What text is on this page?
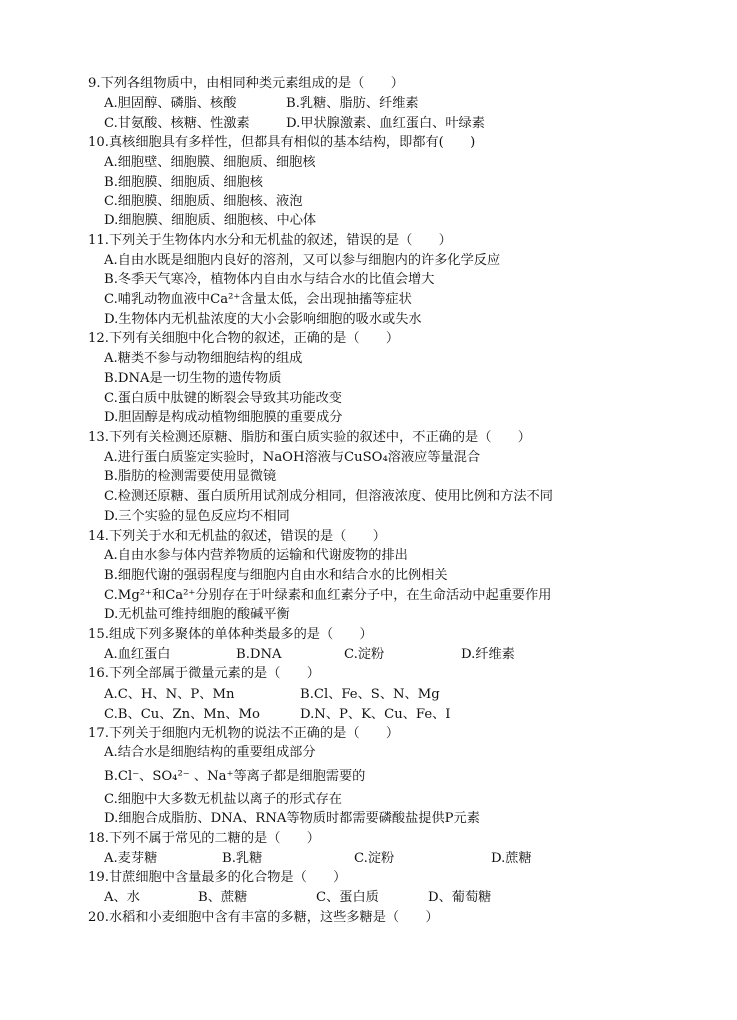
9.下列各组物质中，由相同种类元素组成的是（　　）
A.胆固醇、磷脂、核酸	B.乳糖、脂肪、纤维素
C.甘氨酸、核糖、性激素	D.甲状腺激素、血红蛋白、叶绿素
10.真核细胞具有多样性，但都具有相似的基本结构，即都有(　　)
A.细胞壁、细胞膜、细胞质、细胞核
B.细胞膜、细胞质、细胞核
C.细胞膜、细胞质、细胞核、液泡
D.细胞膜、细胞质、细胞核、中心体
11.下列关于生物体内水分和无机盐的叙述，错误的是（　　）
A.自由水既是细胞内良好的溶剂，又可以参与细胞内的许多化学反应
B.冬季天气寒冷，植物体内自由水与结合水的比值会增大
C.哺乳动物血液中Ca²⁺含量太低，会出现抽搐等症状
D.生物体内无机盐浓度的大小会影响细胞的吸水或失水
12.下列有关细胞中化合物的叙述，正确的是（　　）
A.糖类不参与动物细胞结构的组成
B.DNA是一切生物的遗传物质
C.蛋白质中肽键的断裂会导致其功能改变
D.胆固醇是构成动植物细胞膜的重要成分
13.下列有关检测还原糖、脂肪和蛋白质实验的叙述中，不正确的是（　　）
A.进行蛋白质鉴定实验时，NaOH溶液与CuSO₄溶液应等量混合
B.脂肪的检测需要使用显微镜
C.检测还原糖、蛋白质所用试剂成分相同，但溶液浓度、使用比例和方法不同
D.三个实验的显色反应均不相同
14.下列关于水和无机盐的叙述，错误的是（　　）
A.自由水参与体内营养物质的运输和代谢废物的排出
B.细胞代谢的强弱程度与细胞内自由水和结合水的比例相关
C.Mg²⁺和Ca²⁺分别存在于叶绿素和血红素分子中，在生命活动中起重要作用
D.无机盐可维持细胞的酸碱平衡
15.组成下列多聚体的单体种类最多的是（　　）
A.血红蛋白	B.DNA	C.淀粉	D.纤维素
16.下列全部属于微量元素的是（　　）
A.C、H、N、P、Mn	B.Cl、Fe、S、N、Mg
C.B、Cu、Zn、Mn、Mo	D.N、P、K、Cu、Fe、I
17.下列关于细胞内无机物的说法不正确的是（　　）
A.结合水是细胞结构的重要组成部分
B.Cl⁻、SO₄²⁻ 、Na⁺等离子都是细胞需要的
C.细胞中大多数无机盐以离子的形式存在
D.细胞合成脂肪、DNA、RNA等物质时都需要磷酸盐提供P元素
18.下列不属于常见的二糖的是（　　）
A.麦芽糖	B.乳糖	C.淀粉	D.蔗糖
19.甘蔗细胞中含量最多的化合物是（　　）
A、水	B、蔗糖	C、蛋白质	D、葡萄糖
20.水稻和小麦细胞中含有丰富的多糖，这些多糖是（　　）
